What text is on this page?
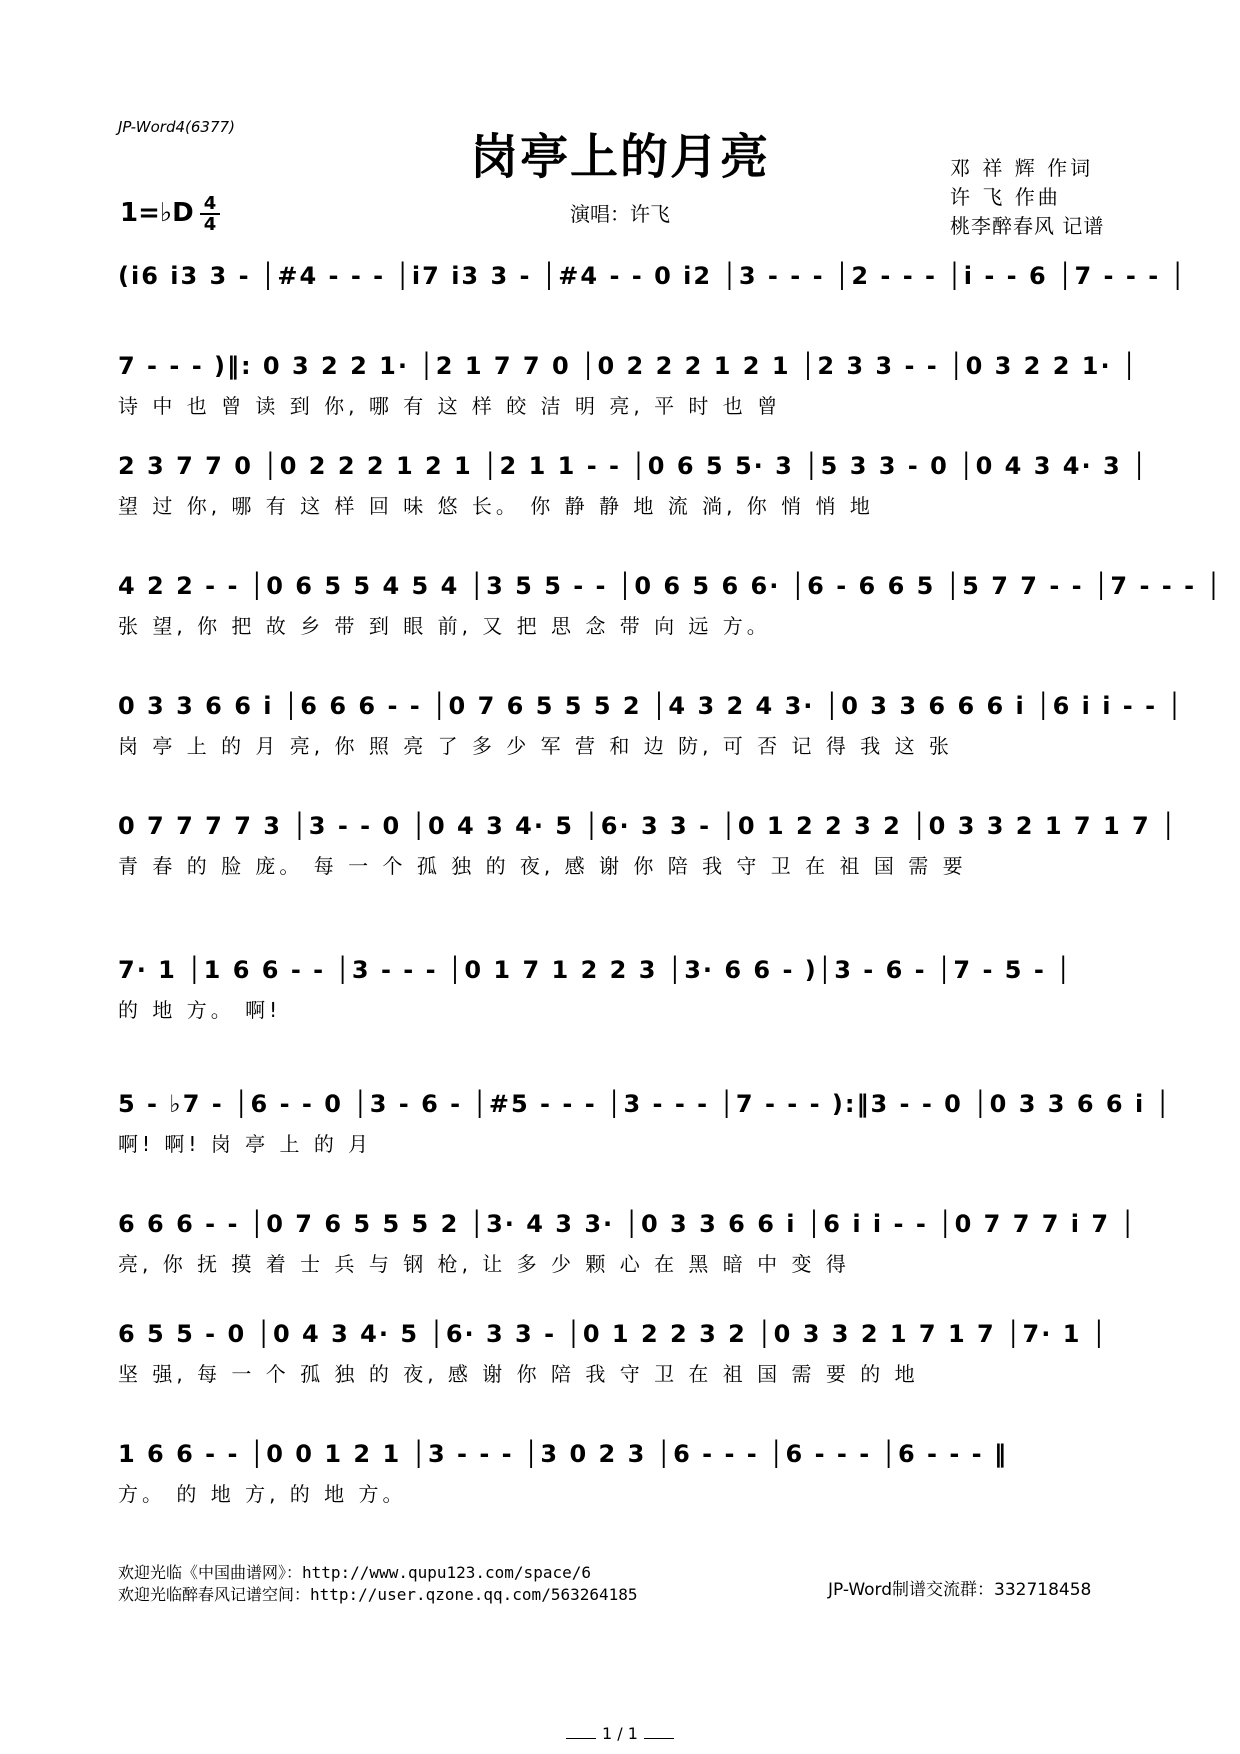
JP-Word4(6377)
岗亭上的月亮	邓 祥 辉 作词
许 飞 作曲
桃李醉春风 记谱
1=♭D 4
4	演唱：许飞
(i6 i3 3 - │#4 - - - │i7 i3 3 - │#4 - - 0 i2 │3 - - - │2 - - - │i - - 6 │7 - - - │
7 - - - )‖: 0 3 2 2 1· │2 1 7 7 0 │0 2 2 2 1 2 1 │2 3 3 - - │0 3 2 2 1· │
诗 中 也 曾 读 到 你, 哪 有 这 样 皎 洁 明 亮, 平 时 也 曾
2 3 7 7 0 │0 2 2 2 1 2 1 │2 1 1 - - │0 6 5 5· 3 │5 3 3 - 0 │0 4 3 4· 3 │
望 过 你, 哪 有 这 样 回 味 悠 长。 你 静 静 地 流 淌, 你 悄 悄 地
4 2 2 - - │0 6 5 5 4 5 4 │3 5 5 - - │0 6 5 6 6· │6 - 6 6 5 │5 7 7 - - │7 - - - │
张 望, 你 把 故 乡 带 到 眼 前, 又 把 思 念 带 向 远 方。
0 3 3 6 6 i │6 6 6 - - │0 7 6 5 5 5 2 │4 3 2 4 3· │0 3 3 6 6 6 i │6 i i - - │
岗 亭 上 的 月 亮, 你 照 亮 了 多 少 军 营 和 边 防, 可 否 记 得 我 这 张
0 7 7 7 7 3 │3 - - 0 │0 4 3 4· 5 │6· 3 3 - │0 1 2 2 3 2 │0 3 3 2 1 7 1 7 │
青 春 的 脸 庞。 每 一 个 孤 独 的 夜, 感 谢 你 陪 我 守 卫 在 祖 国 需 要
7· 1 │1 6 6 - - │3 - - - │0 1 7 1 2 2 3 │3· 6 6 - )│3 - 6 - │7 - 5 - │
的 地 方。 啊!
5 - ♭7 - │6 - - 0 │3 - 6 - │#5 - - - │3 - - - │7 - - - ):‖3 - - 0 │0 3 3 6 6 i │
啊! 啊! 岗 亭 上 的 月
6 6 6 - - │0 7 6 5 5 5 2 │3· 4 3 3· │0 3 3 6 6 i │6 i i - - │0 7 7 7 i 7 │
亮, 你 抚 摸 着 士 兵 与 钢 枪, 让 多 少 颗 心 在 黑 暗 中 变 得
6 5 5 - 0 │0 4 3 4· 5 │6· 3 3 - │0 1 2 2 3 2 │0 3 3 2 1 7 1 7 │7· 1 │
坚 强, 每 一 个 孤 独 的 夜, 感 谢 你 陪 我 守 卫 在 祖 国 需 要 的 地
1 6 6 - - │0 0 1 2 1 │3 - - - │3 0 2 3 │6 - - - │6 - - - │6 - - - ‖
方。 的 地 方, 的 地 方。
欢迎光临《中国曲谱网》：http://www.qupu123.com/space/6
欢迎光临醉春风记谱空间：http://user.qzone.qq.com/563264185	JP-Word制谱交流群：332718458
1 / 1
